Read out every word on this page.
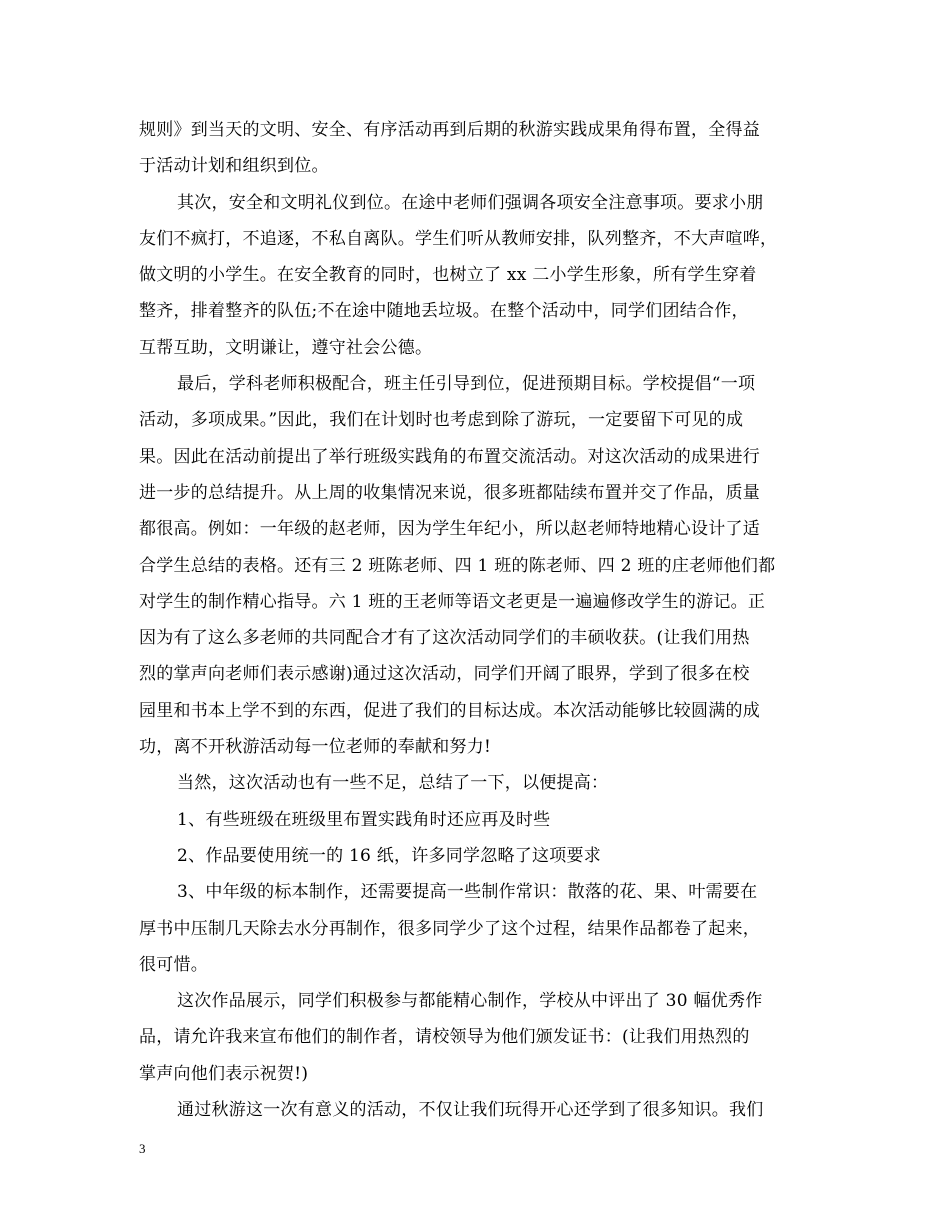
规则》到当天的文明、安全、有序活动再到后期的秋游实践成果角得布置，全得益
于活动计划和组织到位。
其次，安全和文明礼仪到位。在途中老师们强调各项安全注意事项。要求小朋
友们不疯打，不追逐，不私自离队。学生们听从教师安排，队列整齐，不大声喧哗，
做文明的小学生。在安全教育的同时，也树立了 xx 二小学生形象，所有学生穿着
整齐，排着整齐的队伍;不在途中随地丢垃圾。在整个活动中，同学们团结合作，
互帮互助，文明谦让，遵守社会公德。
最后，学科老师积极配合，班主任引导到位，促进预期目标。学校提倡“一项
活动，多项成果。”因此，我们在计划时也考虑到除了游玩，一定要留下可见的成
果。因此在活动前提出了举行班级实践角的布置交流活动。对这次活动的成果进行
进一步的总结提升。从上周的收集情况来说，很多班都陆续布置并交了作品，质量
都很高。例如：一年级的赵老师，因为学生年纪小，所以赵老师特地精心设计了适
合学生总结的表格。还有三 2 班陈老师、四 1 班的陈老师、四 2 班的庄老师他们都
对学生的制作精心指导。六 1 班的王老师等语文老更是一遍遍修改学生的游记。正
因为有了这么多老师的共同配合才有了这次活动同学们的丰硕收获。(让我们用热
烈的掌声向老师们表示感谢)通过这次活动，同学们开阔了眼界，学到了很多在校
园里和书本上学不到的东西，促进了我们的目标达成。本次活动能够比较圆满的成
功，离不开秋游活动每一位老师的奉献和努力!
当然，这次活动也有一些不足，总结了一下，以便提高：
1、有些班级在班级里布置实践角时还应再及时些
2、作品要使用统一的 16 纸，许多同学忽略了这项要求
3、中年级的标本制作，还需要提高一些制作常识：散落的花、果、叶需要在
厚书中压制几天除去水分再制作，很多同学少了这个过程，结果作品都卷了起来，
很可惜。
这次作品展示，同学们积极参与都能精心制作，学校从中评出了 30 幅优秀作
品，请允许我来宣布他们的制作者，请校领导为他们颁发证书：(让我们用热烈的
掌声向他们表示祝贺!)
通过秋游这一次有意义的活动，不仅让我们玩得开心还学到了很多知识。我们
3
